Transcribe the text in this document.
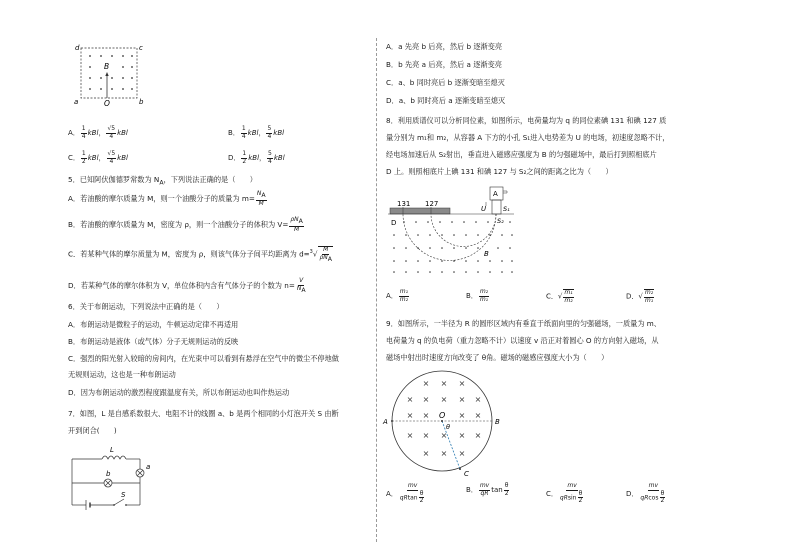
d	c
a	b
B
O
A． $\frac{1}{4}$ kBl， $\frac{√5}{4}$ kBl	B． $\frac{1}{4}$ kBl， $\frac{5}{4}$ kBl
C． $\frac{1}{2}$ kBl， $\frac{√5}{4}$ kBl	D． $\frac{1}{2}$ kBl， $\frac{5}{4}$ kBl
5．已知阿伏伽德罗常数为 $N_A$，下列说法正确的是（　　）
A．若油酸的摩尔质量为 M，则一个油酸分子的质量为 $m= \frac{N_A}{M}$
B．若油酸的摩尔质量为 M，密度为 ρ，则一个油酸分子的体积为 $V= \frac{\rho N_A}{M}$
C．若某种气体的摩尔质量为 M，密度为 ρ，则该气体分子间平均距离为 $d=^3√ \frac{M}{\rho N_A}$
D．若某种气体的摩尔体积为 V，单位体积内含有气体分子的个数为 $n= \frac{V}{N_A}$
6．关于布朗运动，下列说法中正确的是（　　）
A．布朗运动是微粒子的运动，牛顿运动定律不再适用
B．布朗运动是液体（或气体）分子无规则运动的反映
C．强烈的阳光射入较暗的房间内，在光束中可以看到有悬浮在空气中的微尘不停地做
无规则运动，这也是一种布朗运动
D．因为布朗运动的激烈程度跟温度有关，所以布朗运动也叫作热运动
7．如图，L 是自感系数很大、电阻不计的线圈 a、b 是两个相同的小灯泡开关 S 由断
开到闭合(　　)
L
a
b
S
A．a 先亮 b 后亮，然后 b 逐渐变亮
B．b 先亮 a 后亮，然后 a 逐渐变亮
C．a、b 同时亮后 b 逐渐变暗至熄灭
D．a、b 同时亮后 a 逐渐变暗至熄灭
8．利用质谱仪可以分析同位素，如图所示，电荷量均为 q 的同位素碘 131 和碘 127 质
量分别为 m₁和 m₂，从容器 A 下方的小孔 S₁进入电势差为 U 的电场，初速度忽略不计，
经电场加速后从 S₂射出，垂直进入磁感应强度为 B 的匀强磁场中，最后打到照相底片
D 上。则照相底片上碘 131 和碘 127 与 S₂之间的距离之比为（　　）
131 127
A
U	S₁
S₂
D
B
A． $\frac{\text{m₁}}{\text{m₂}}$	B． $\frac{\text{m₂}}{\text{m₁}}$	C．√ $\frac{\text{m₁}}{\text{m₂}}$	D．√ $\frac{\text{m₂}}{\text{m₁}}$
9．如图所示，一半径为 R 的圆形区域内有垂直于纸面向里的匀强磁场，一质量为 m、
电荷量为 q 的负电荷（重力忽略不计）以速度 v 沿正对着圆心 O 的方向射入磁场，从
磁场中射出时速度方向改变了 θ角。磁场的磁感应强度大小为（　　）
× × ×
× × × × ×
× ×	× ×
× × × × ×
× × ×
A	B
O
θ
C
A． $\frac{mv}{qRtan \frac{\theta}{2}}$	B． $\frac{mv}{qR}$ $\tan \frac{\theta}{2}$	C． $\frac{mv}{qRsin \frac{\theta}{2}}$	D． $\frac{mv}{qRcos \frac{\theta}{2}}$
